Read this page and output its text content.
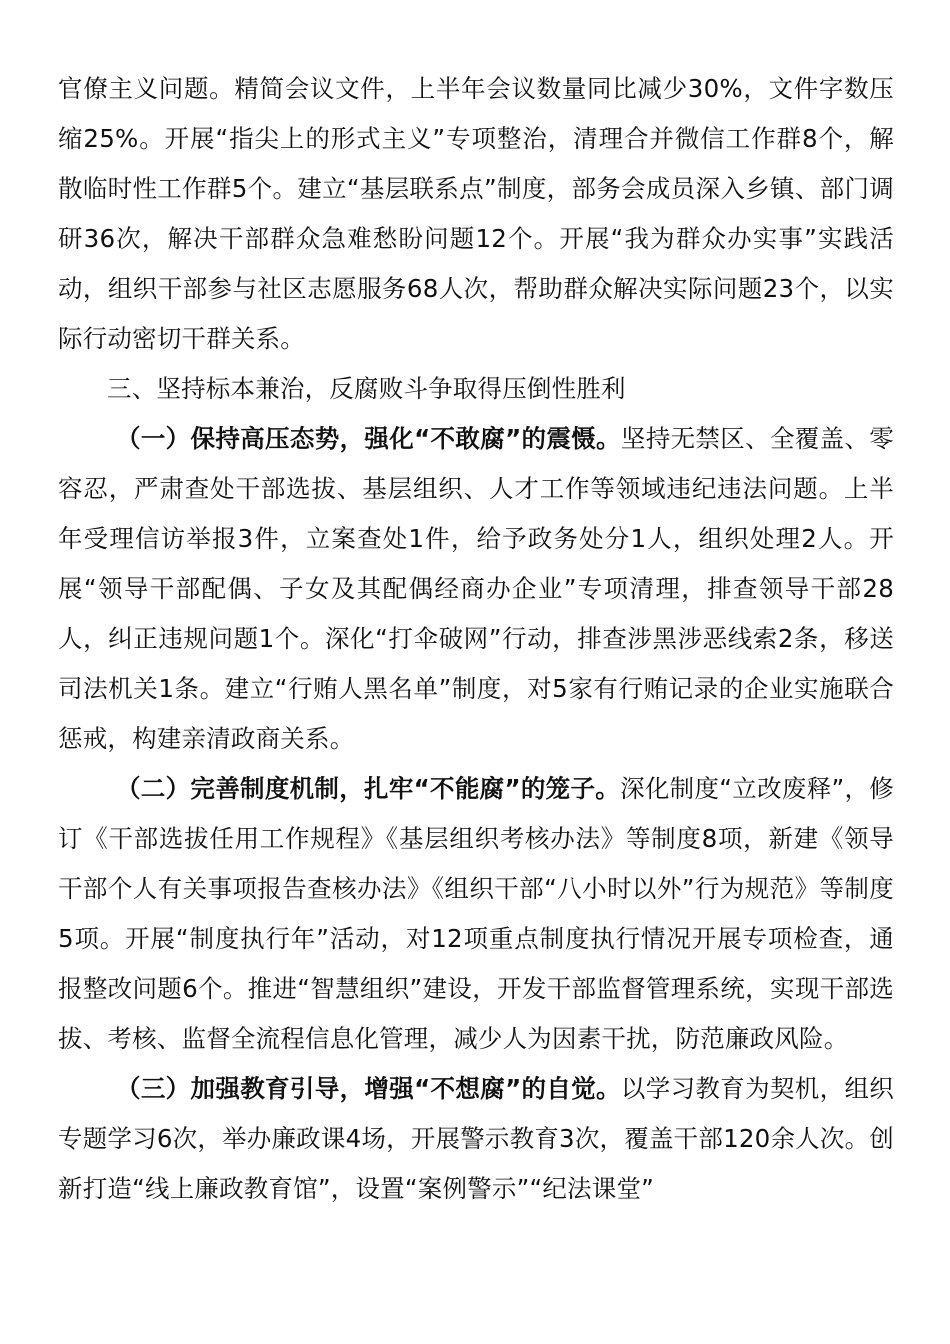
官僚主义问题。精简会议文件，上半年会议数量同比减少30%，文件字数压缩25%。开展“指尖上的形式主义”专项整治，清理合并微信工作群8个，解散临时性工作群5个。建立“基层联系点”制度，部务会成员深入乡镇、部门调研36次，解决干部群众急难愁盼问题12个。开展“我为群众办实事”实践活动，组织干部参与社区志愿服务68人次，帮助群众解决实际问题23个，以实际行动密切干群关系。

三、坚持标本兼治，反腐败斗争取得压倒性胜利

（一）保持高压态势，强化“不敢腐”的震慑。坚持无禁区、全覆盖、零容忍，严肃查处干部选拔、基层组织、人才工作等领域违纪违法问题。上半年受理信访举报3件，立案查处1件，给予政务处分1人，组织处理2人。开展“领导干部配偶、子女及其配偶经商办企业”专项清理，排查领导干部28人，纠正违规问题1个。深化“打伞破网”行动，排查涉黑涉恶线索2条，移送司法机关1条。建立“行贿人黑名单”制度，对5家有行贿记录的企业实施联合惩戒，构建亲清政商关系。

（二）完善制度机制，扎牢“不能腐”的笼子。深化制度“立改废释”，修订《干部选拔任用工作规程》《基层组织考核办法》等制度8项，新建《领导干部个人有关事项报告查核办法》《组织干部“八小时以外”行为规范》等制度5项。开展“制度执行年”活动，对12项重点制度执行情况开展专项检查，通报整改问题6个。推进“智慧组织”建设，开发干部监督管理系统，实现干部选拔、考核、监督全流程信息化管理，减少人为因素干扰，防范廉政风险。

（三）加强教育引导，增强“不想腐”的自觉。以学习教育为契机，组织专题学习6次，举办廉政课4场，开展警示教育3次，覆盖干部120余人次。创新打造“线上廉政教育馆”，设置“案例警示”“纪法课堂”
